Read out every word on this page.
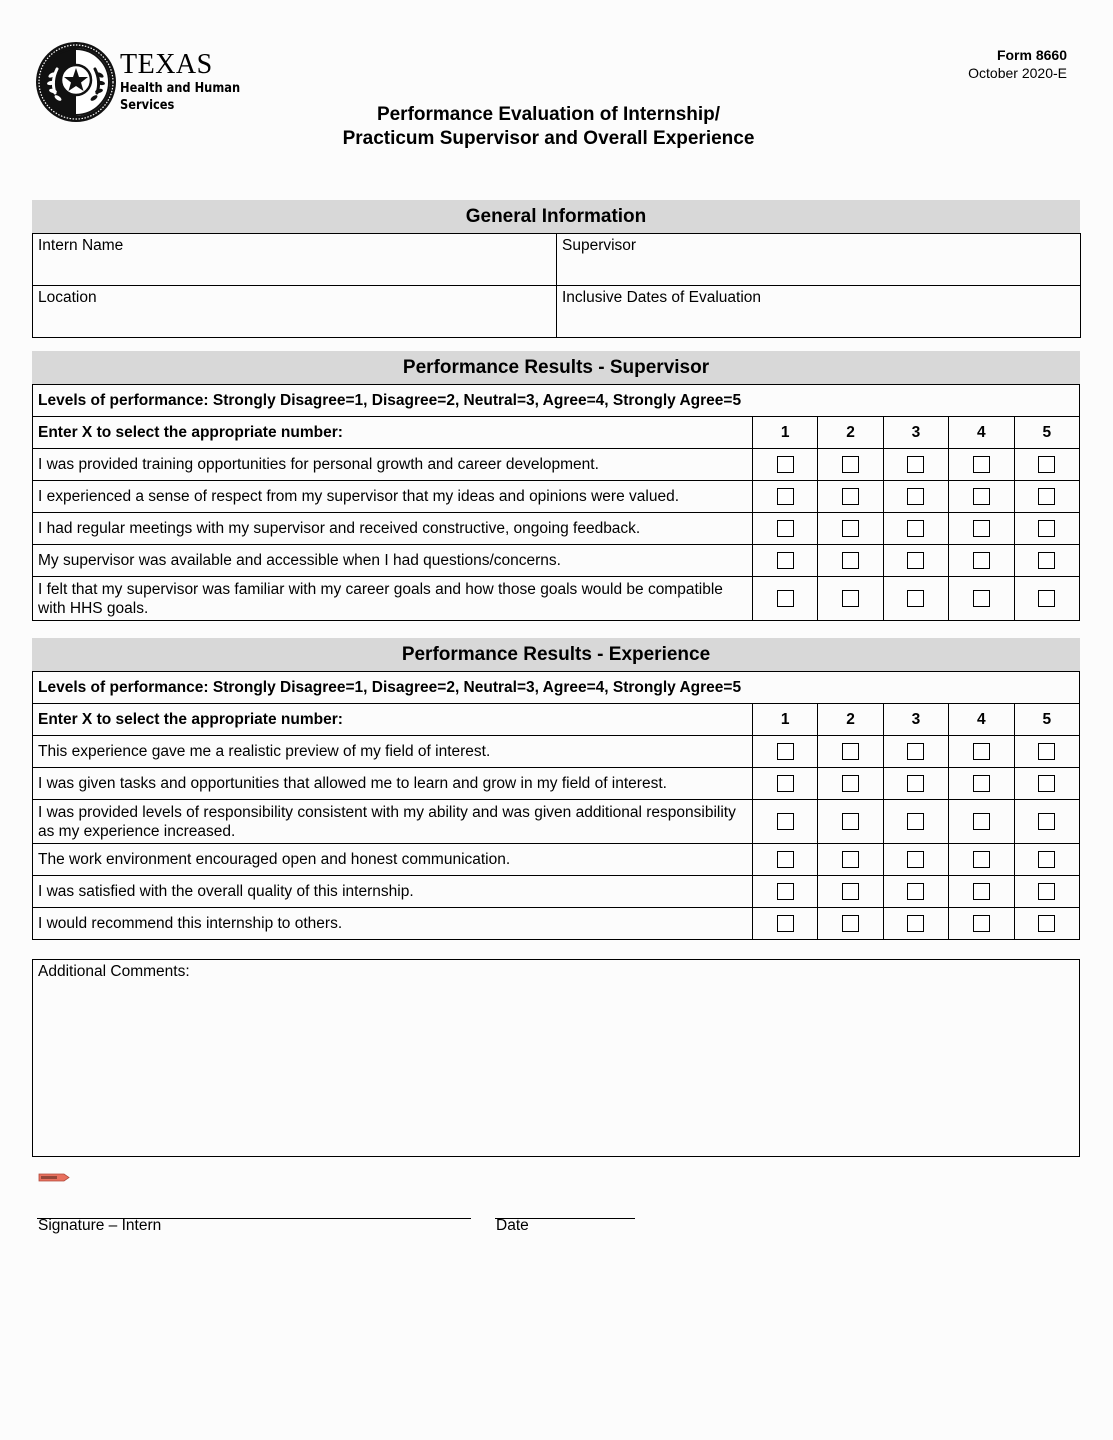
TEXAS
Health and Human
Services
Form 8660
October 2020-E
Performance Evaluation of Internship/
Practicum Supervisor and Overall Experience
General Information
Intern Name	Supervisor
Location	Inclusive Dates of Evaluation
Performance Results - Supervisor
Levels of performance: Strongly Disagree=1, Disagree=2, Neutral=3, Agree=4, Strongly Agree=5					
Enter X to select the appropriate number:	1	2	3	4	5
I was provided training opportunities for personal growth and career development.					
I experienced a sense of respect from my supervisor that my ideas and opinions were valued.					
I had regular meetings with my supervisor and received constructive, ongoing feedback.					
My supervisor was available and accessible when I had questions/concerns.					
I felt that my supervisor was familiar with my career goals and how those goals would be compatible with HHS goals.					
Performance Results - Experience
Levels of performance: Strongly Disagree=1, Disagree=2, Neutral=3, Agree=4, Strongly Agree=5					
Enter X to select the appropriate number:	1	2	3	4	5
This experience gave me a realistic preview of my field of interest.					
I was given tasks and opportunities that allowed me to learn and grow in my field of interest.					
I was provided levels of responsibility consistent with my ability and was given additional responsibility as my experience increased.					
The work environment encouraged open and honest communication.					
I was satisfied with the overall quality of this internship.					
I would recommend this internship to others.					
Additional Comments:
Signature – Intern	Date
